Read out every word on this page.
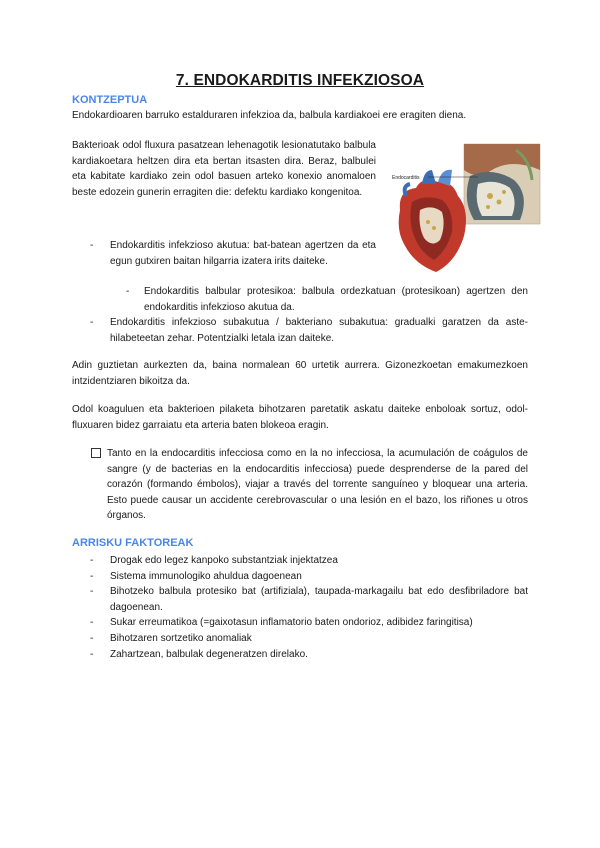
7. ENDOKARDITIS INFEKZIOSOA

KONTZEPTUA

Endokardioaren barruko estalduraren infekzioa da, balbula kardiakoei ere eragiten diena.

Bakterioak odol fluxura pasatzean lehenagotik lesionatutako balbula kardiakoetara heltzen dira eta bertan itsasten dira. Beraz, balbulei eta kabitate kardiako zein odol basuen arteko konexio anomaloen beste edozein gunerin erragiten die: defektu kardiako kongenitoa.

Endocarditis
- Endokarditis infekzioso akutua: bat-batean agertzen da eta egun gutxiren baitan hilgarria izatera irits daiteke.
- Endokarditis balbular protesikoa: balbula ordezkatuan (protesikoan) agertzen den endokarditis infekzioso akutua da.
- Endokarditis infekzioso subakutua / bakteriano subakutua: gradualki garatzen da aste-hilabeteetan zehar. Potentzialki letala izan daiteke.

Adin guztietan aurkezten da, baina normalean 60 urtetik aurrera. Gizonezkoetan emakumezkoen intzidentziaren bikoitza da.

Odol koaguluen eta bakterioen pilaketa bihotzaren paretatik askatu daiteke enboloak sortuz, odol-fluxuaren bidez garraiatu eta arteria baten blokeoa eragin.

Tanto en la endocarditis infecciosa como en la no infecciosa, la acumulación de coágulos de sangre (y de bacterias en la endocarditis infecciosa) puede desprenderse de la pared del corazón (formando émbolos), viajar a través del torrente sanguíneo y bloquear una arteria. Esto puede causar un accidente cerebrovascular o una lesión en el bazo, los riñones u otros órganos.

ARRISKU FAKTOREAK

- Drogak edo legez kanpoko substantziak injektatzea
- Sistema immunologiko ahuldua dagoenean
- Bihotzeko balbula protesiko bat (artifiziala), taupada-markagailu bat edo desfibriladore bat dagoenean.
- Sukar erreumatikoa (=gaixotasun inflamatorio baten ondorioz, adibidez faringitisa)
- Bihotzaren sortzetiko anomaliak
- Zahartzean, balbulak degeneratzen direlako.
